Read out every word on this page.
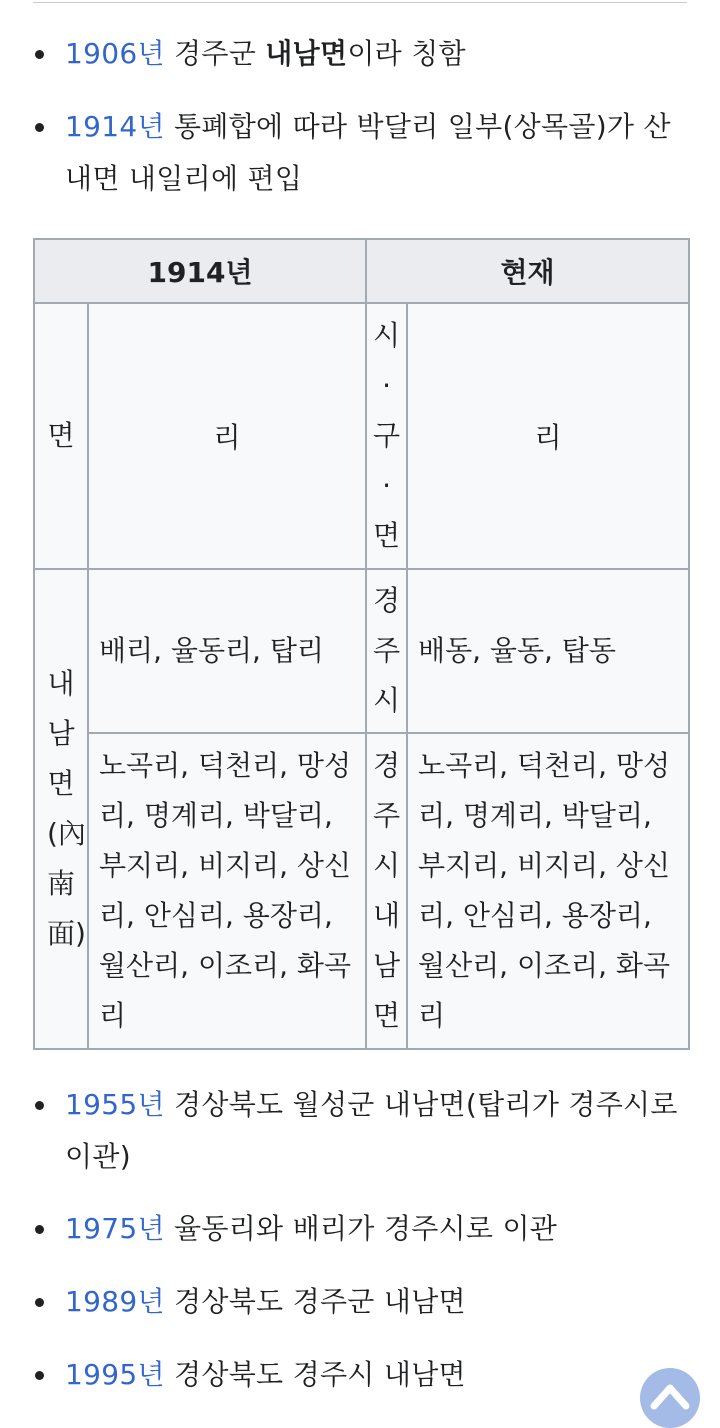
1906년 경주군 내남면이라 칭함
1914년 통폐합에 따라 박달리 일부(상목골)가 산내면 내일리에 편입
1914년		현재	
면	리	시·구·면	리
내남면(內南面)	배리, 율동리, 탑리	경주시	배동, 율동, 탑동
	노곡리, 덕천리, 망성리, 명계리, 박달리, 부지리, 비지리, 상신리, 안심리, 용장리, 월산리, 이조리, 화곡리	경주시 내남면	노곡리, 덕천리, 망성리, 명계리, 박달리, 부지리, 비지리, 상신리, 안심리, 용장리, 월산리, 이조리, 화곡리
1955년 경상북도 월성군 내남면(탑리가 경주시로 이관)
1975년 율동리와 배리가 경주시로 이관
1989년 경상북도 경주군 내남면
1995년 경상북도 경주시 내남면
